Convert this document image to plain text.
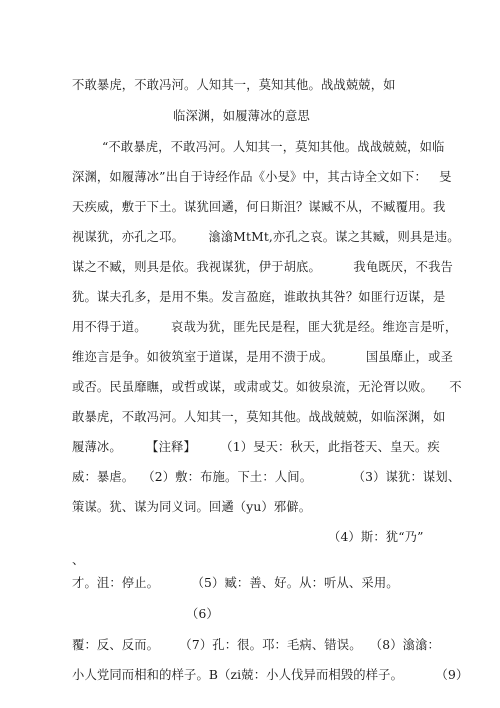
不敢暴虎，不敢冯河。人知其一，莫知其他。战战兢兢，如
临深渊，如履薄冰的意思
“不敢暴虎，不敢冯河。人知其一，莫知其他。战战兢兢，如临
深渊，如履薄冰”出自于诗经作品《小旻》中，其古诗全文如下：   旻
天疾威，敷于下土。谋犹回遹，何日斯沮？谋臧不从，不臧覆用。我
视谋犹，亦孔之邛。      潝潝MtMt,亦孔之哀。谋之其臧，则具是违。
谋之不臧，则具是依。我视谋犹，伊于胡底。        我龟既厌，不我告
犹。谋夫孔多，是用不集。发言盈庭，谁敢执其咎？如匪行迈谋，是
用不得于道。      哀哉为犹，匪先民是程，匪大犹是经。维迩言是听，
维迩言是争。如彼筑室于道谋，是用不溃于成。        国虽靡止，或圣
或否。民虽靡瞴，或哲或谋，或肃或艾。如彼泉流，无沦胥以败。    不
敢暴虎，不敢冯河。人知其一，莫知其他。战战兢兢，如临深渊，如
履薄冰。      【注释】      （1）旻天：秋天，此指苍天、皇天。疾
威：暴虐。  （2）敷：布施。下土：人间。          （3）谋犹：谋划、
策谋。犹、谋为同义词。回遹（yu）邪僻。
（4）斯：犹“乃”
、
才。沮：停止。        （5）臧：善、好。从：听从、采用。
（6）
覆：反、反而。     （7）孔：很。邛：毛病、错误。  （8）潝潝：
小人党同而相和的样子。B（zi兢：小人伐异而相毁的样子。        （9）
